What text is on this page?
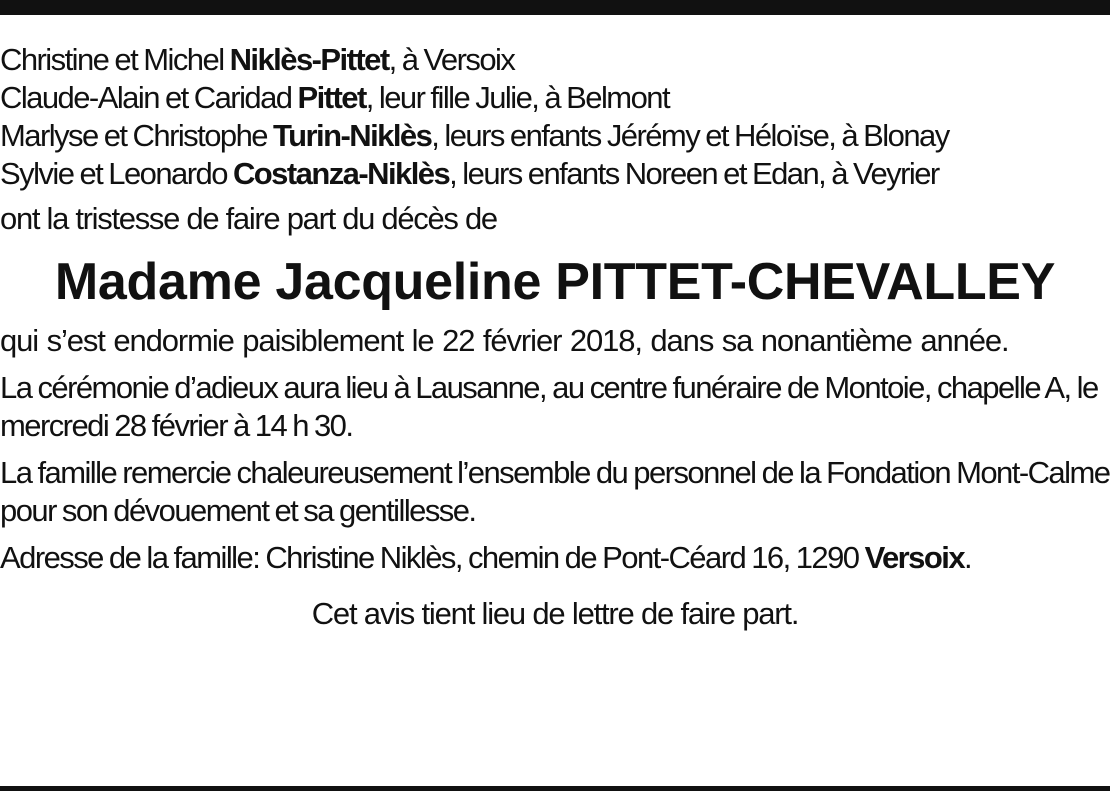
Christine et Michel Niklès-Pittet, à Versoix
Claude-Alain et Caridad Pittet, leur fille Julie, à Belmont
Marlyse et Christophe Turin-Niklès, leurs enfants Jérémy et Héloïse, à Blonay
Sylvie et Leonardo Costanza-Niklès, leurs enfants Noreen et Edan, à Veyrier
ont la tristesse de faire part du décès de
Madame Jacqueline PITTET-CHEVALLEY
qui s’est endormie paisiblement le 22 février 2018, dans sa nonantième année.
La cérémonie d’adieux aura lieu à Lausanne, au centre funéraire de Montoie, chapelle A, le mercredi 28 février à 14 h 30.
La famille remercie chaleureusement l’ensemble du personnel de la Fondation Mont-Calme pour son dévouement et sa gentillesse.
Adresse de la famille: Christine Niklès, chemin de Pont-Céard 16, 1290 Versoix.
Cet avis tient lieu de lettre de faire part.
